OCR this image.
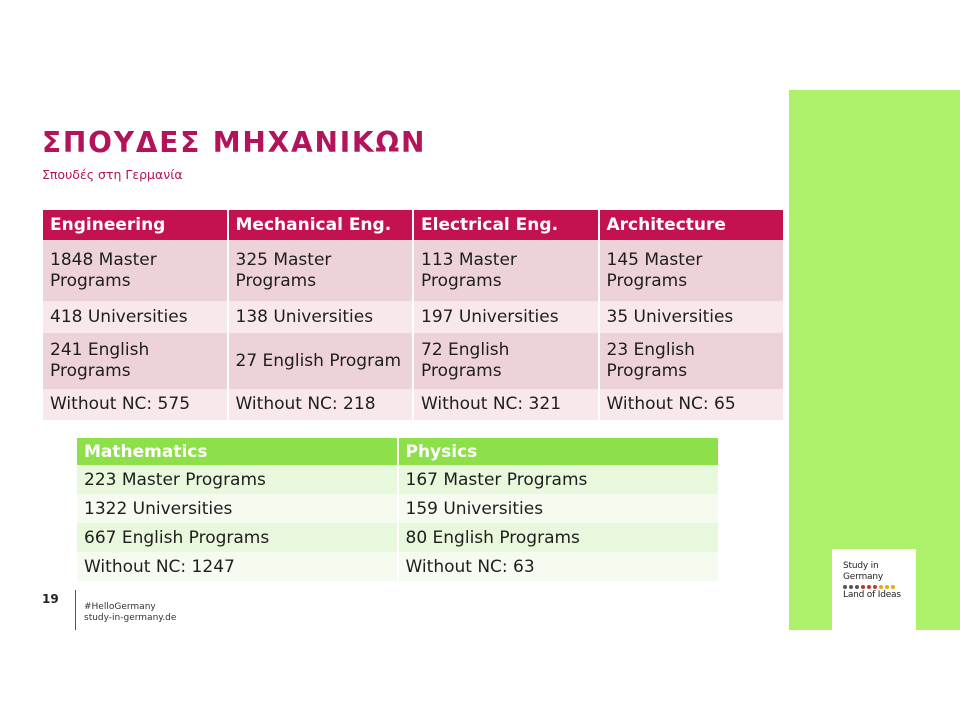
Study in
Germany
Land of Ideas
ΣΠΟΥΔΕΣ ΜΗΧΑΝΙΚΩΝ

Σπουδές στη Γερμανία

Engineering	Mechanical Eng.	Electrical Eng.	Architecture
1848 Master Programs	325 Master Programs	113 Master Programs	145 Master Programs
418 Universities	138 Universities	197 Universities	35 Universities
241 English Programs	27 English Program	72 English Programs	23 English Programs
Without NC: 575	Without NC: 218	Without NC: 321	Without NC: 65
Mathematics	Physics
223 Master Programs	167 Master Programs
1322 Universities	159 Universities
667 English Programs	80 English Programs
Without NC: 1247	Without NC: 63
19
#HelloGermany
study-in-germany.de
